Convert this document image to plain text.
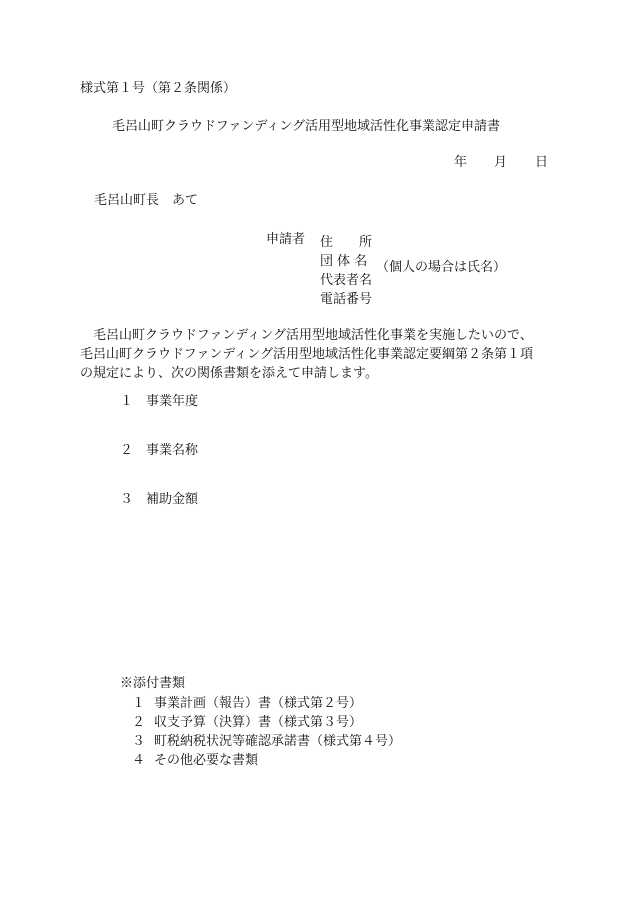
様式第１号（第２条関係）
毛呂山町クラウドファンディング活用型地域活性化事業認定申請書
年 月 日
毛呂山町長　あて
申請者 住　　所
団 体 名
代表者名
電話番号
（個人の場合は氏名）
　毛呂山町クラウドファンディング活用型地域活性化事業を実施したいので、
毛呂山町クラウドファンディング活用型地域活性化事業認定要綱第２条第１項
の規定により、次の関係書類を添えて申請します。
１ 事業年度
２ 事業名称
３ 補助金額
※添付書類
１ 事業計画（報告）書（様式第２号）
２ 収支予算（決算）書（様式第３号）
３ 町税納税状況等確認承諾書（様式第４号）
４ その他必要な書類
